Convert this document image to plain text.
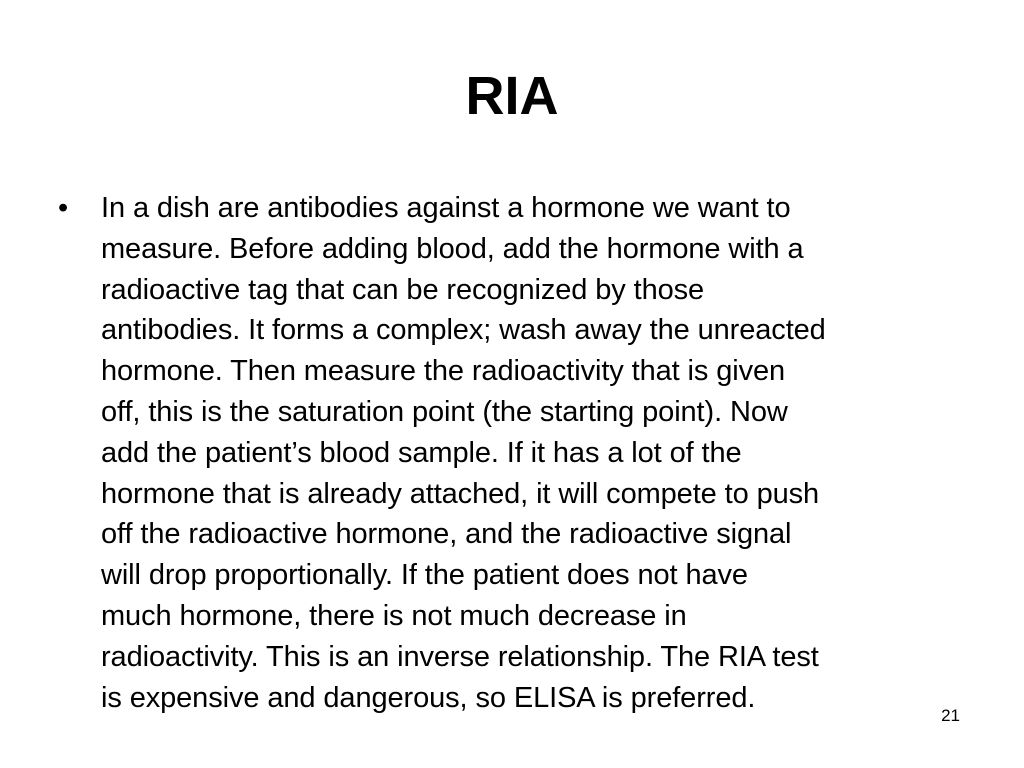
RIA
•	In a dish are antibodies against a hormone we want to
measure. Before adding blood, add the hormone with a
radioactive tag that can be recognized by those
antibodies. It forms a complex; wash away the unreacted
hormone. Then measure the radioactivity that is given
off, this is the saturation point (the starting point). Now
add the patient’s blood sample. If it has a lot of the
hormone that is already attached, it will compete to push
off the radioactive hormone, and the radioactive signal
will drop proportionally. If the patient does not have
much hormone, there is not much decrease in
radioactivity. This is an inverse relationship. The RIA test
is expensive and dangerous, so ELISA is preferred.
21
